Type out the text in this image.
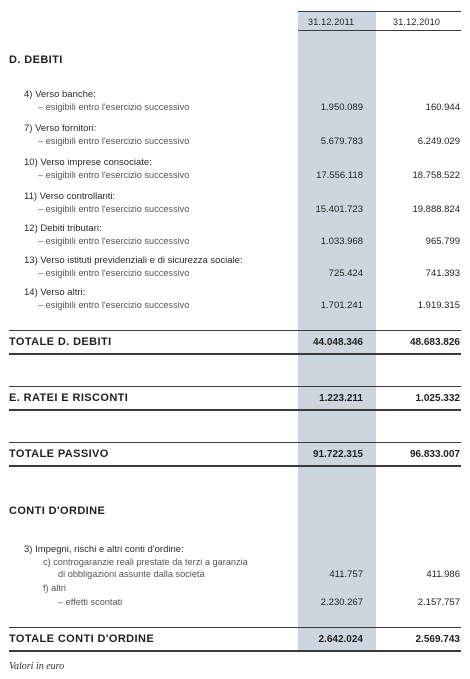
31.12.2011	31.12.2010
D. DEBITI
4) Verso banche:
– esigibili entro l'esercizio successivo	1.950.089	160.944
7) Verso fornitori:
– esigibili entro l'esercizio successivo	5.679.783	6.249.029
10) Verso imprese consociate:
– esigibili entro l'esercizio successivo	17.556.118	18.758.522
11) Verso controllanti:
– esigibili entro l'esercizio successivo	15.401.723	19.888.824
12) Debiti tributari:
– esigibili entro l'esercizio successivo	1.033.968	965.799
13) Verso istituti previdenziali e di sicurezza sociale:
– esigibili entro l'esercizio successivo	725.424	741.393
14) Verso altri:
– esigibili entro l'esercizio successivo	1.701.241	1.919.315
TOTALE D. DEBITI	44.048.346	48.683.826
E. RATEI E RISCONTI	1.223.211	1.025.332
TOTALE PASSIVO	91.722.315	96.833.007
CONTI D'ORDINE
3) Impegni, rischi e altri conti d'ordine:
c) controgaranzie reali prestate da terzi a garanzia
di obbligazioni assunte dalla società	411.757	411.986
f) altri
– effetti scontati	2.230.267	2.157.757
TOTALE CONTI D'ORDINE	2.642.024	2.569.743
Valori in euro
